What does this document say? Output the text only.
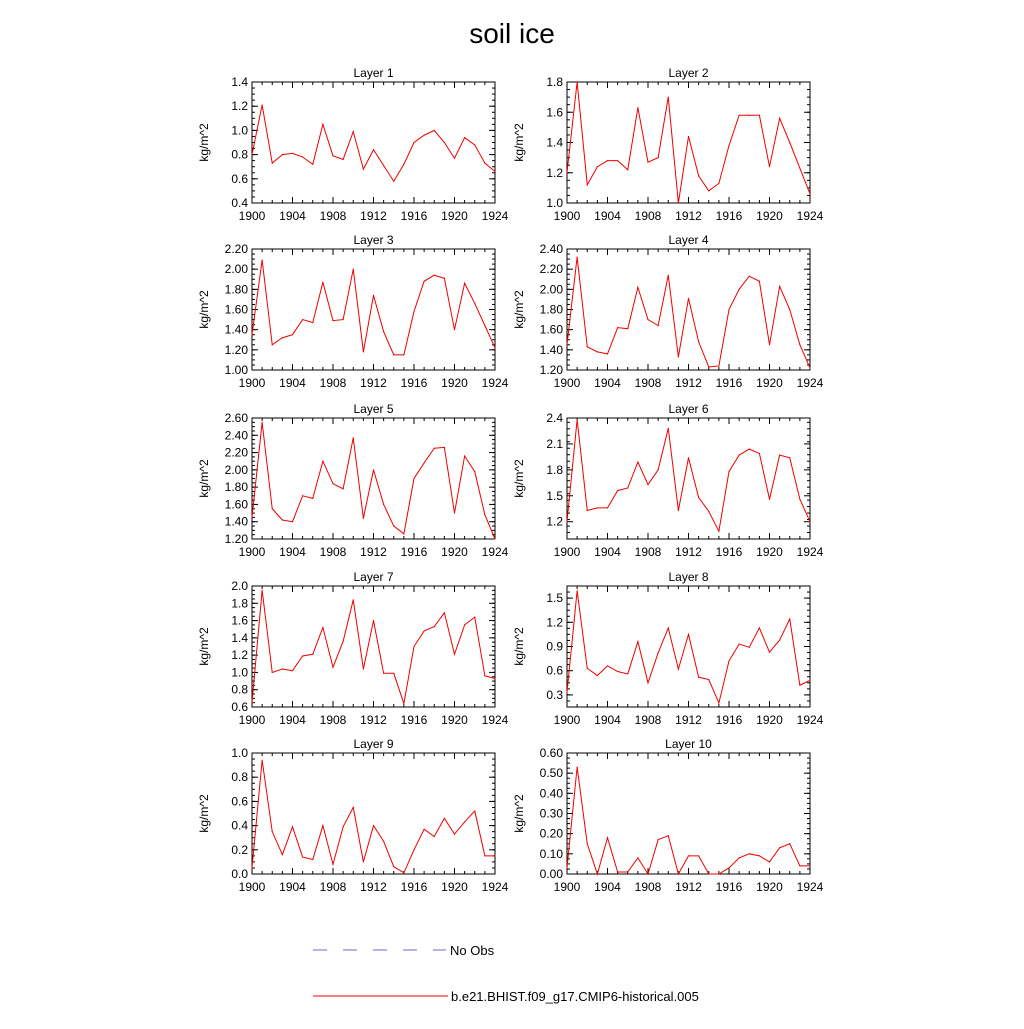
soil ice
No Obs
b.e21.BHIST.f09_g17.CMIP6-historical.005
Layer 1
1900 1904 1908 1912 1916 1920 1924
0.4
0.6
0.8
1.0
1.2
1.4
kg/m^2
Layer 2
1900 1904 1908 1912 1916 1920 1924
1.0
1.2
1.4
1.6
1.8
kg/m^2
Layer 3
1900 1904 1908 1912 1916 1920 1924
1.00
1.20
1.40
1.60
1.80
2.00
2.20
kg/m^2
Layer 4
1900 1904 1908 1912 1916 1920 1924
1.20
1.40
1.60
1.80
2.00
2.20
2.40
kg/m^2
Layer 5
1900 1904 1908 1912 1916 1920 1924
1.20
1.40
1.60
1.80
2.00
2.20
2.40
2.60
kg/m^2
Layer 6
1900 1904 1908 1912 1916 1920 1924
1.2
1.5
1.8
2.1
2.4
kg/m^2
Layer 7
1900 1904 1908 1912 1916 1920 1924
0.6
0.8
1.0
1.2
1.4
1.6
1.8
2.0
kg/m^2
Layer 8
1900 1904 1908 1912 1916 1920 1924
0.3
0.6
0.9
1.2
1.5
kg/m^2
Layer 9
1900 1904 1908 1912 1916 1920 1924
0.0
0.2
0.4
0.6
0.8
1.0
kg/m^2
Layer 10
1900 1904 1908 1912 1916 1920 1924
0.00
0.10
0.20
0.30
0.40
0.50
0.60
kg/m^2
